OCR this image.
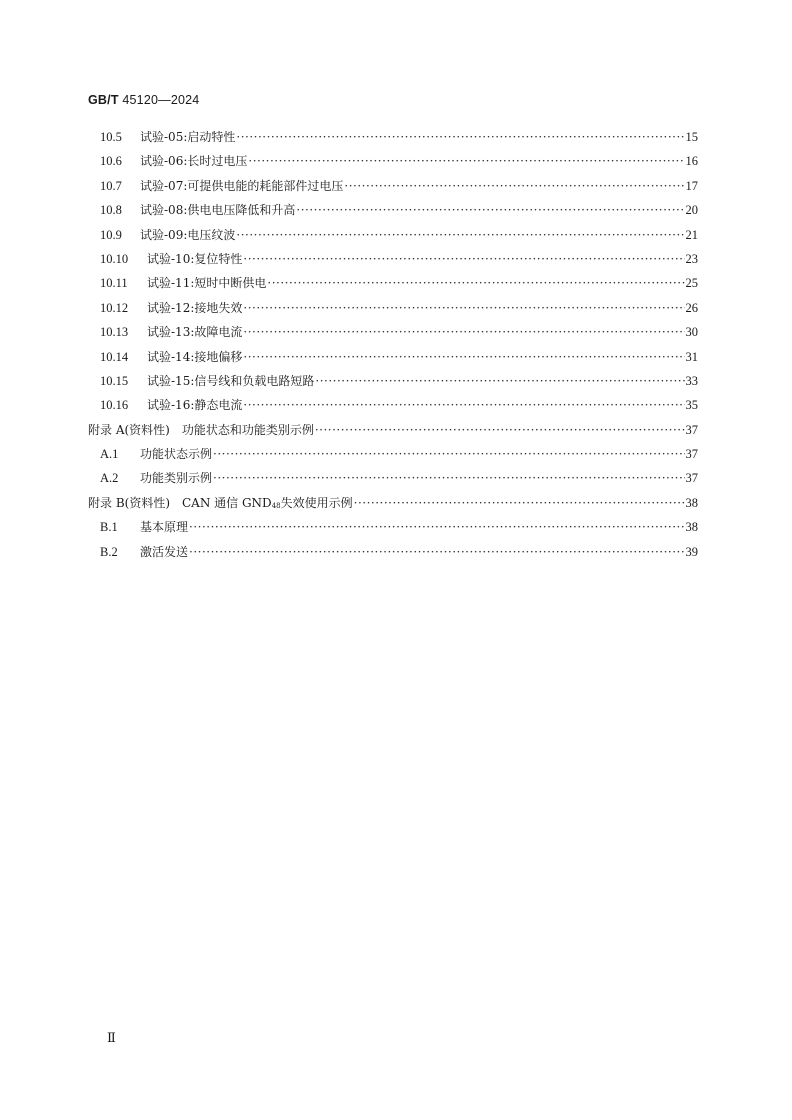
GB/T 45120—2024
10.5	试验-05:启动特性 ·····	15
10.6	试验-06:长时过电压 ·····	16
10.7	试验-07:可提供电能的耗能部件过电压 ·····	17
10.8	试验-08:供电电压降低和升高 ·····	20
10.9	试验-09:电压纹波 ·····	21
10.10	试验-10:复位特性 ·····	23
10.11	试验-11:短时中断供电 ·····	25
10.12	试验-12:接地失效 ·····	26
10.13	试验-13:故障电流 ·····	30
10.14	试验-14:接地偏移 ·····	31
10.15	试验-15:信号线和负载电路短路 ·····	33
10.16	试验-16:静态电流 ·····	35
附录 A(资料性)　功能状态和功能类别示例 ·····	37
A.1	功能状态示例 ·····	37
A.2	功能类别示例 ·····	37
附录 B(资料性)　CAN 通信 $GND_{48}$失效使用示例 ·····	38
B.1	基本原理 ·····	38
B.2	激活发送 ·····	39
Ⅱ
